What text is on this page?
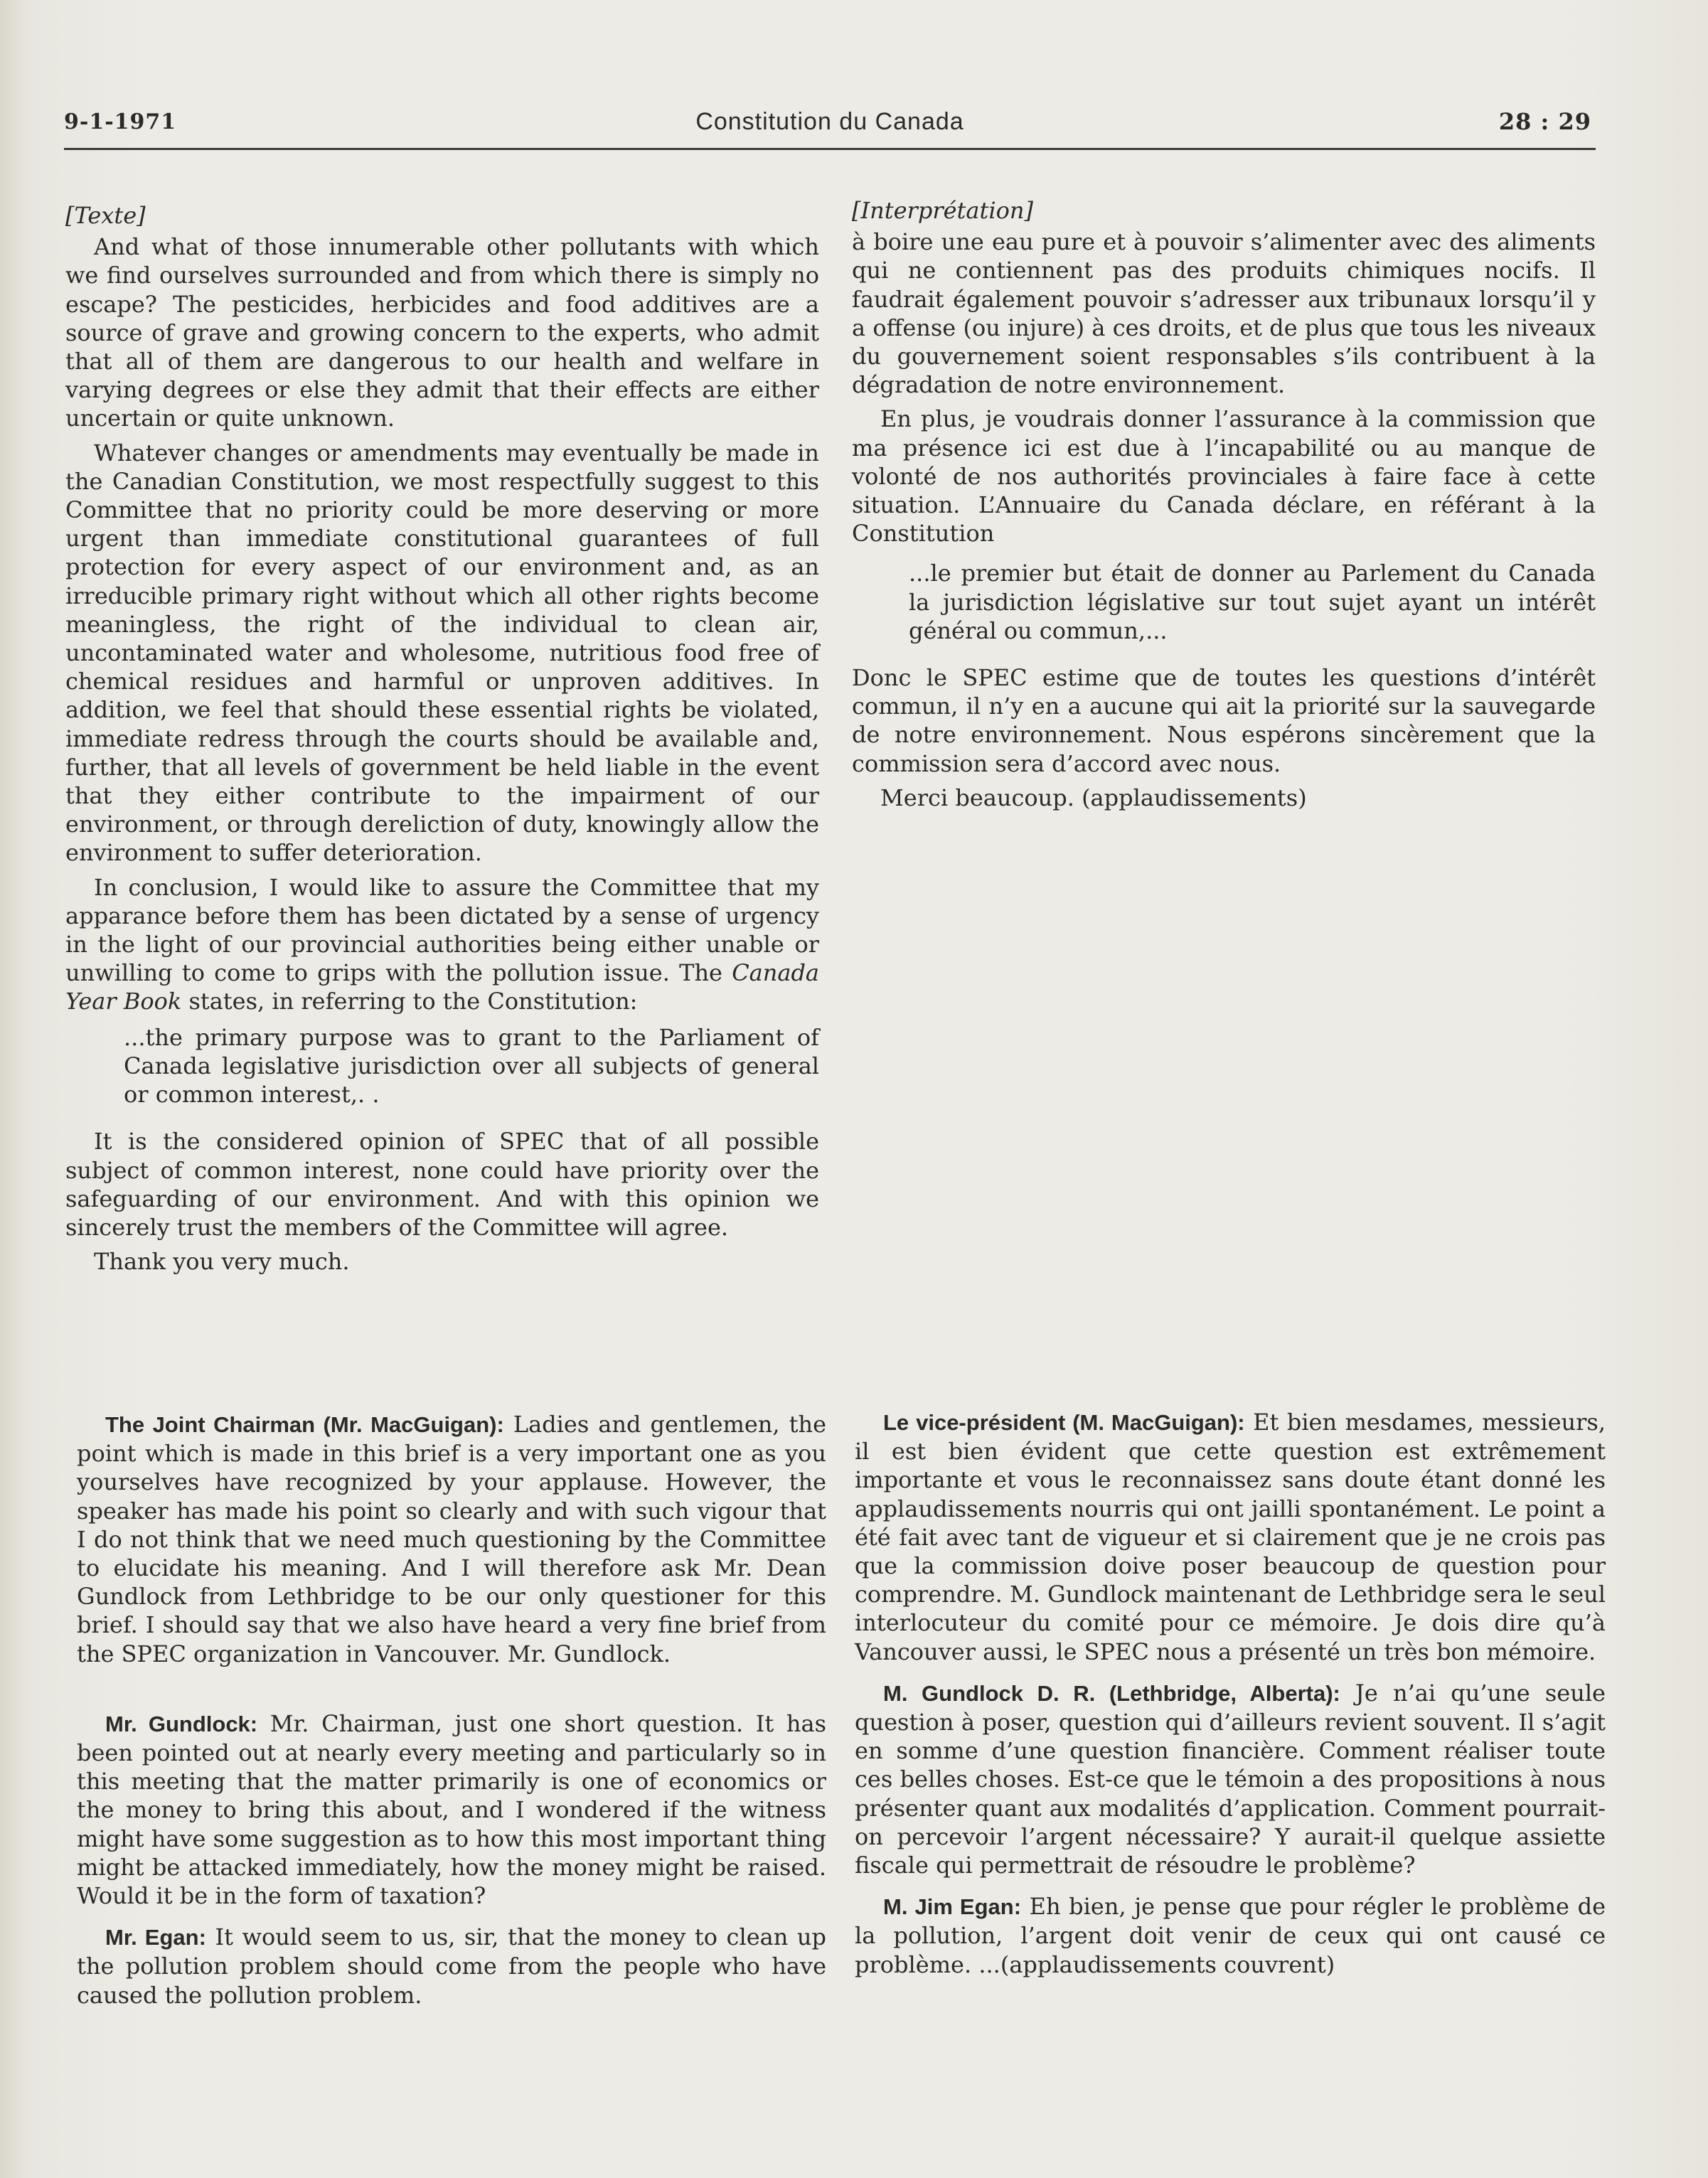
9-1-1971	Constitution du Canada	28 : 29

[Texte]

And what of those innumerable other pollutants with which we find ourselves surrounded and from which there is simply no escape? The pesticides, herbicides and food additives are a source of grave and growing concern to the experts, who admit that all of them are dangerous to our health and welfare in varying degrees or else they admit that their effects are either uncertain or quite unknown.

Whatever changes or amendments may eventually be made in the Canadian Constitution, we most respectfully suggest to this Committee that no priority could be more deserving or more urgent than immediate constitutional guarantees of full protection for every aspect of our environment and, as an irreducible primary right without which all other rights become meaningless, the right of the individual to clean air, uncontaminated water and wholesome, nutritious food free of chemical residues and harmful or unproven additives. In addition, we feel that should these essential rights be violated, immediate redress through the courts should be available and, further, that all levels of government be held liable in the event that they either contribute to the impairment of our environment, or through dereliction of duty, knowingly allow the environment to suffer deterioration.

In conclusion, I would like to assure the Committee that my apparance before them has been dictated by a sense of urgency in the light of our provincial authorities being either unable or unwilling to come to grips with the pollution issue. The Canada Year Book states, in referring to the Constitution:

...the primary purpose was to grant to the Parliament of Canada legislative jurisdiction over all subjects of general or common interest,. .

It is the considered opinion of SPEC that of all possible subject of common interest, none could have priority over the safeguarding of our environment. And with this opinion we sincerely trust the members of the Committee will agree.

Thank you very much.

[Interprétation]

à boire une eau pure et à pouvoir s’alimenter avec des aliments qui ne contiennent pas des produits chimiques nocifs. Il faudrait également pouvoir s’adresser aux tribunaux lorsqu’il y a offense (ou injure) à ces droits, et de plus que tous les niveaux du gouvernement soient responsables s’ils contribuent à la dégradation de notre environnement.

En plus, je voudrais donner l’assurance à la commission que ma présence ici est due à l’incapabilité ou au manque de volonté de nos authorités provinciales à faire face à cette situation. L’Annuaire du Canada déclare, en référant à la Constitution

...le premier but était de donner au Parlement du Canada la jurisdiction législative sur tout sujet ayant un intérêt général ou commun,...

Donc le SPEC estime que de toutes les questions d’intérêt commun, il n’y en a aucune qui ait la priorité sur la sauvegarde de notre environnement. Nous espérons sincèrement que la commission sera d’accord avec nous.

Merci beaucoup. (applaudissements)

The Joint Chairman (Mr. MacGuigan): Ladies and gentlemen, the point which is made in this brief is a very important one as you yourselves have recognized by your applause. However, the speaker has made his point so clearly and with such vigour that I do not think that we need much questioning by the Committee to elucidate his meaning. And I will therefore ask Mr. Dean Gundlock from Lethbridge to be our only questioner for this brief. I should say that we also have heard a very fine brief from the SPEC organization in Vancouver. Mr. Gundlock.

Mr. Gundlock: Mr. Chairman, just one short question. It has been pointed out at nearly every meeting and particularly so in this meeting that the matter primarily is one of economics or the money to bring this about, and I wondered if the witness might have some suggestion as to how this most important thing might be attacked immediately, how the money might be raised. Would it be in the form of taxation?

Mr. Egan: It would seem to us, sir, that the money to clean up the pollution problem should come from the people who have caused the pollution problem.

Le vice-président (M. MacGuigan): Et bien mesdames, messieurs, il est bien évident que cette question est extrêmement importante et vous le reconnaissez sans doute étant donné les applaudissements nourris qui ont jailli spontanément. Le point a été fait avec tant de vigueur et si clairement que je ne crois pas que la commission doive poser beaucoup de question pour comprendre. M. Gundlock maintenant de Lethbridge sera le seul interlocuteur du comité pour ce mémoire. Je dois dire qu’à Vancouver aussi, le SPEC nous a présenté un très bon mémoire.

M. Gundlock D. R. (Lethbridge, Alberta): Je n’ai qu’une seule question à poser, question qui d’ailleurs revient souvent. Il s’agit en somme d’une question financière. Comment réaliser toute ces belles choses. Est-ce que le témoin a des propositions à nous présenter quant aux modalités d’application. Comment pourrait-on percevoir l’argent nécessaire? Y aurait-il quelque assiette fiscale qui permettrait de résoudre le problème?

M. Jim Egan: Eh bien, je pense que pour régler le problème de la pollution, l’argent doit venir de ceux qui ont causé ce problème. ...(applaudissements couvrent)
